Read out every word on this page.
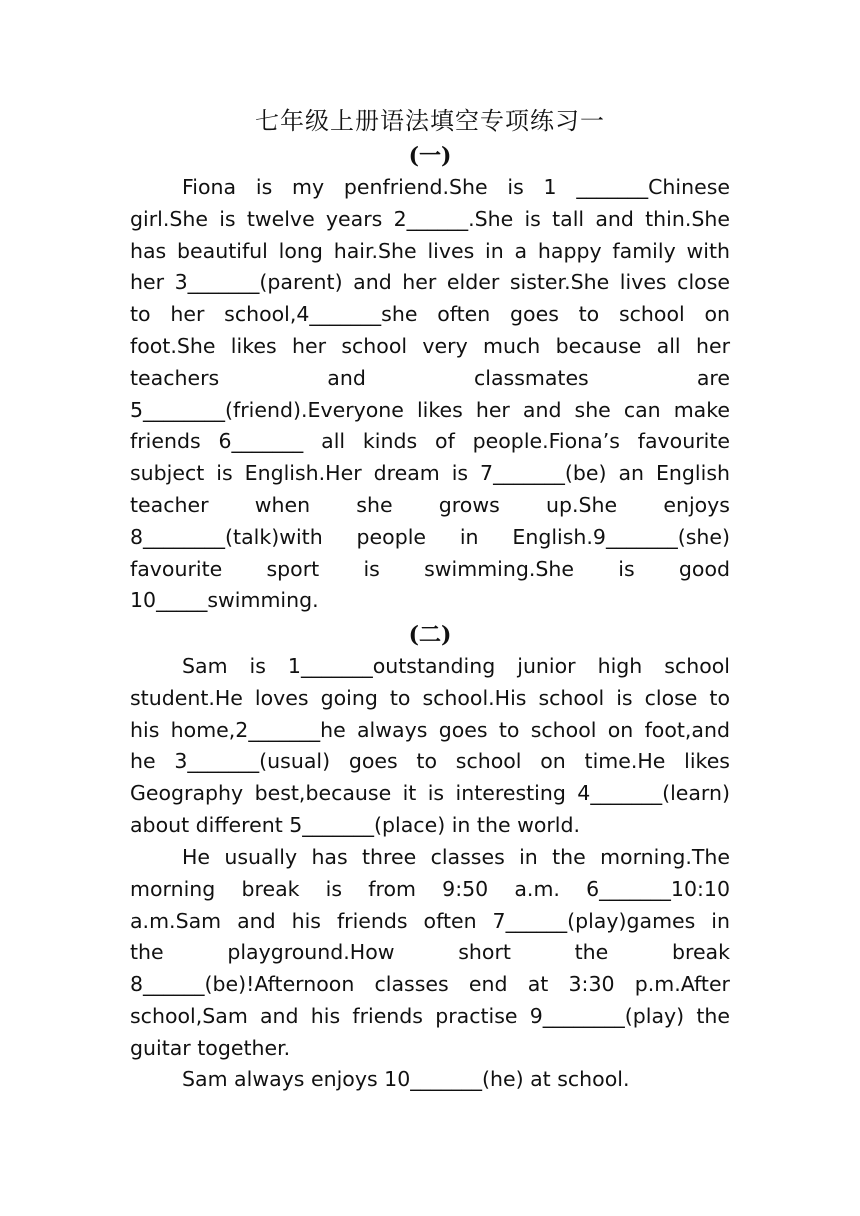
七年级上册语法填空专项练习一
(一)
Fiona is my penfriend.She is 1 _______Chinese
girl.She is twelve years 2______.She is tall and thin.She
has beautiful long hair.She lives in a happy family with
her 3_______(parent) and her elder sister.She lives close
to her school,4_______she often goes to school on
foot.She likes her school very much because all her
teachers and classmates are
5________(friend).Everyone likes her and she can make
friends 6_______ all kinds of people.Fiona’s favourite
subject is English.Her dream is 7_______(be) an English
teacher when she grows up.She enjoys
8________(talk)with people in English.9_______(she)
favourite sport is swimming.She is good
10_____swimming.
(二)
Sam is 1_______outstanding junior high school
student.He loves going to school.His school is close to
his home,2_______he always goes to school on foot,and
he 3_______(usual) goes to school on time.He likes
Geography best,because it is interesting 4_______(learn)
about different 5_______(place) in the world.
He usually has three classes in the morning.The
morning break is from 9:50 a.m. 6_______10:10
a.m.Sam and his friends often 7______(play)games in
the playground.How short the break
8______(be)!Afternoon classes end at 3:30 p.m.After
school,Sam and his friends practise 9________(play) the
guitar together.
Sam always enjoys 10_______(he) at school.
